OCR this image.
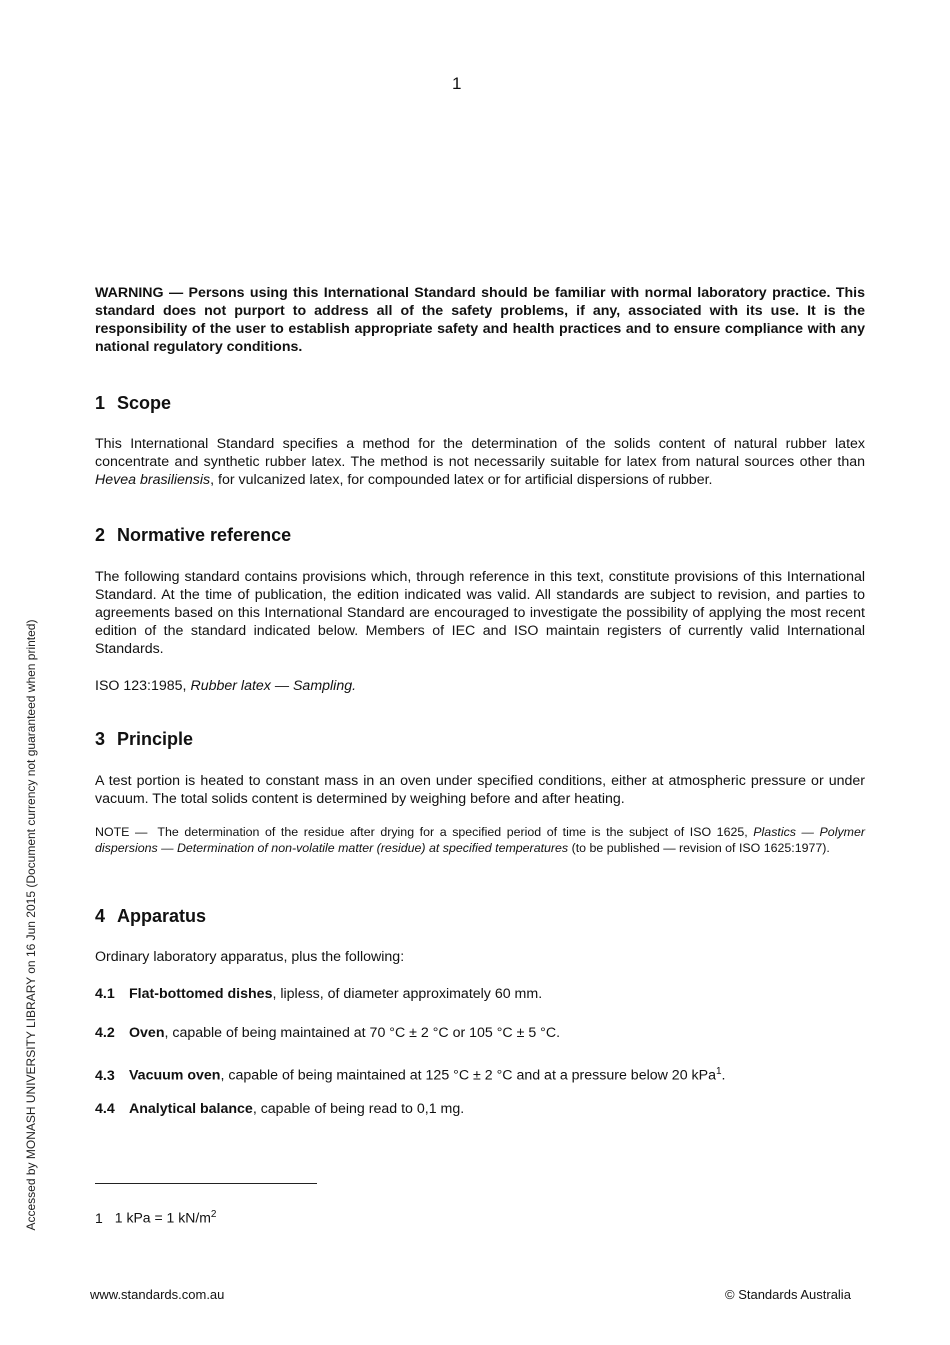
1
Accessed by MONASH UNIVERSITY LIBRARY on 16 Jun 2015 (Document currency not guaranteed when printed)

WARNING — Persons using this International Standard should be familiar with normal laboratory practice. This standard does not purport to address all of the safety problems, if any, associated with its use. It is the responsibility of the user to establish appropriate safety and health practices and to ensure compliance with any national regulatory conditions.

1 Scope

This International Standard specifies a method for the determination of the solids content of natural rubber latex concentrate and synthetic rubber latex. The method is not necessarily suitable for latex from natural sources other than Hevea brasiliensis, for vulcanized latex, for compounded latex or for artificial dispersions of rubber.

2 Normative reference

The following standard contains provisions which, through reference in this text, constitute provisions of this International Standard. At the time of publication, the edition indicated was valid. All standards are subject to revision, and parties to agreements based on this International Standard are encouraged to investigate the possibility of applying the most recent edition of the standard indicated below. Members of IEC and ISO maintain registers of currently valid International Standards.

ISO 123:1985, Rubber latex — Sampling.

3 Principle

A test portion is heated to constant mass in an oven under specified conditions, either at atmospheric pressure or under vacuum. The total solids content is determined by weighing before and after heating.

NOTE — The determination of the residue after drying for a specified period of time is the subject of ISO 1625, Plastics — Polymer dispersions — Determination of non-volatile matter (residue) at specified temperatures (to be published — revision of ISO 1625:1977).

4 Apparatus

Ordinary laboratory apparatus, plus the following:

4.1 Flat-bottomed dishes, lipless, of diameter approximately 60 mm.
4.2 Oven, capable of being maintained at 70 °C ± 2 °C or 105 °C ± 5 °C.
4.3 Vacuum oven, capable of being maintained at 125 °C ± 2 °C and at a pressure below 20 kPa$^1$.
4.4 Analytical balance, capable of being read to 0,1 mg.
1 1 kPa = 1 $kN/m^2$
www.standards.com.au	© Standards Australia
